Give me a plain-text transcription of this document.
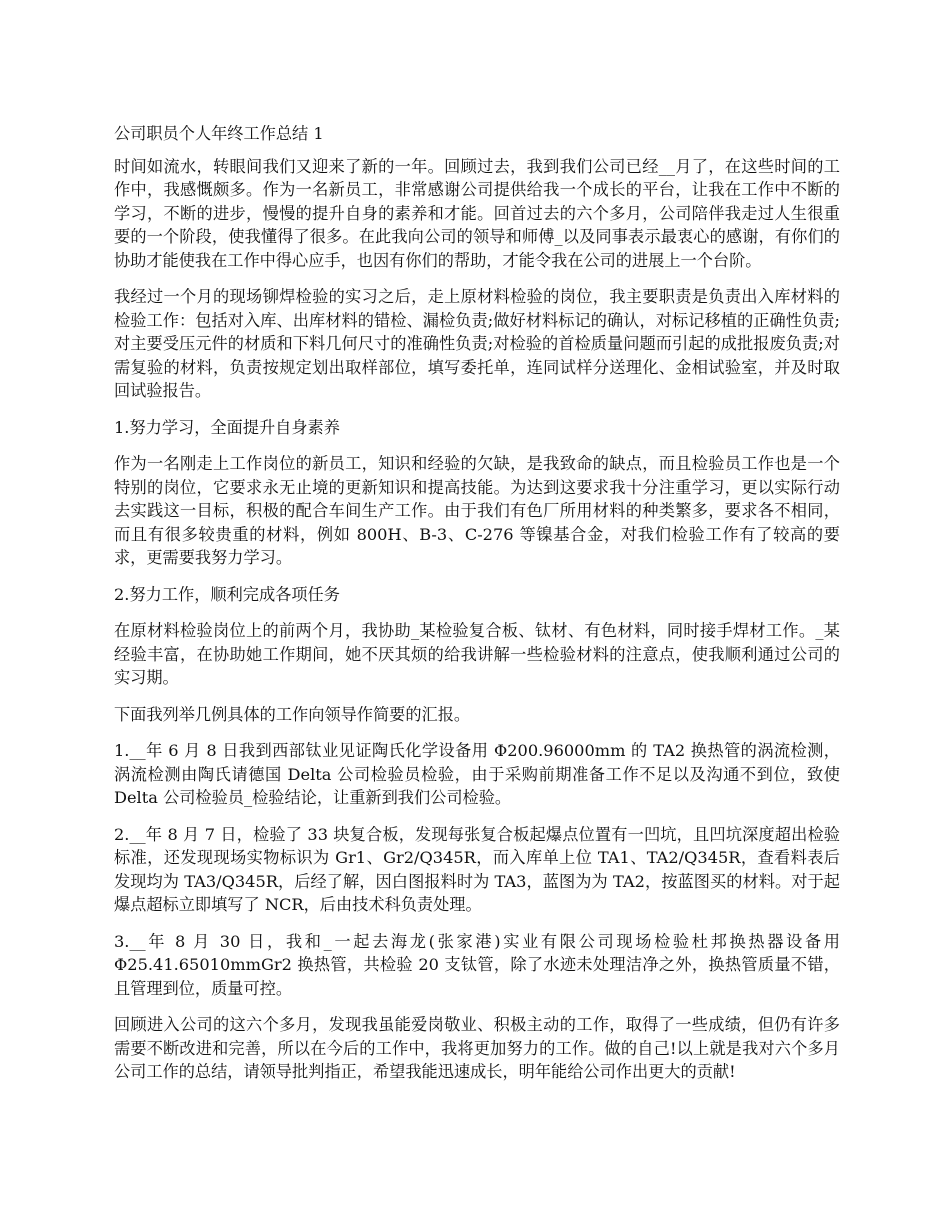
公司职员个人年终工作总结 1

时间如流水，转眼间我们又迎来了新的一年。回顾过去，我到我们公司已经__月了，在这些时间的工作中，我感慨颇多。作为一名新员工，非常感谢公司提供给我一个成长的平台，让我在工作中不断的学习，不断的进步，慢慢的提升自身的素养和才能。回首过去的六个多月，公司陪伴我走过人生很重要的一个阶段，使我懂得了很多。在此我向公司的领导和师傅_以及同事表示最衷心的感谢，有你们的协助才能使我在工作中得心应手，也因有你们的帮助，才能令我在公司的进展上一个台阶。

我经过一个月的现场铆焊检验的实习之后，走上原材料检验的岗位，我主要职责是负责出入库材料的检验工作：包括对入库、出库材料的错检、漏检负责;做好材料标记的确认，对标记移植的正确性负责;对主要受压元件的材质和下料几何尺寸的准确性负责;对检验的首检质量问题而引起的成批报废负责;对需复验的材料，负责按规定划出取样部位，填写委托单，连同试样分送理化、金相试验室，并及时取回试验报告。

1.努力学习，全面提升自身素养

作为一名刚走上工作岗位的新员工，知识和经验的欠缺，是我致命的缺点，而且检验员工作也是一个特别的岗位，它要求永无止境的更新知识和提高技能。为达到这要求我十分注重学习，更以实际行动去实践这一目标，积极的配合车间生产工作。由于我们有色厂所用材料的种类繁多，要求各不相同，而且有很多较贵重的材料，例如 800H、B-3、C-276 等镍基合金，对我们检验工作有了较高的要求，更需要我努力学习。

2.努力工作，顺利完成各项任务

在原材料检验岗位上的前两个月，我协助_某检验复合板、钛材、有色材料，同时接手焊材工作。_某经验丰富，在协助她工作期间，她不厌其烦的给我讲解一些检验材料的注意点，使我顺利通过公司的实习期。

下面我列举几例具体的工作向领导作简要的汇报。

1.__年 6 月 8 日我到西部钛业见证陶氏化学设备用 Φ200.96000mm 的 TA2 换热管的涡流检测，涡流检测由陶氏请德国 Delta 公司检验员检验，由于采购前期准备工作不足以及沟通不到位，致使 Delta 公司检验员_检验结论，让重新到我们公司检验。

2.__年 8 月 7 日，检验了 33 块复合板，发现每张复合板起爆点位置有一凹坑，且凹坑深度超出检验标准，还发现现场实物标识为 Gr1、Gr2/Q345R，而入库单上位 TA1、TA2/Q345R，查看料表后发现均为 TA3/Q345R，后经了解，因白图报料时为 TA3，蓝图为为 TA2，按蓝图买的材料。对于起爆点超标立即填写了 NCR，后由技术科负责处理。

3.__年 8 月 30 日，我和_一起去海龙(张家港)实业有限公司现场检验杜邦换热器设备用Φ25.41.65010mmGr2 换热管，共检验 20 支钛管，除了水迹未处理洁净之外，换热管质量不错，且管理到位，质量可控。

回顾进入公司的这六个多月，发现我虽能爱岗敬业、积极主动的工作，取得了一些成绩，但仍有许多需要不断改进和完善，所以在今后的工作中，我将更加努力的工作。做的自己!以上就是我对六个多月公司工作的总结，请领导批判指正，希望我能迅速成长，明年能给公司作出更大的贡献!
